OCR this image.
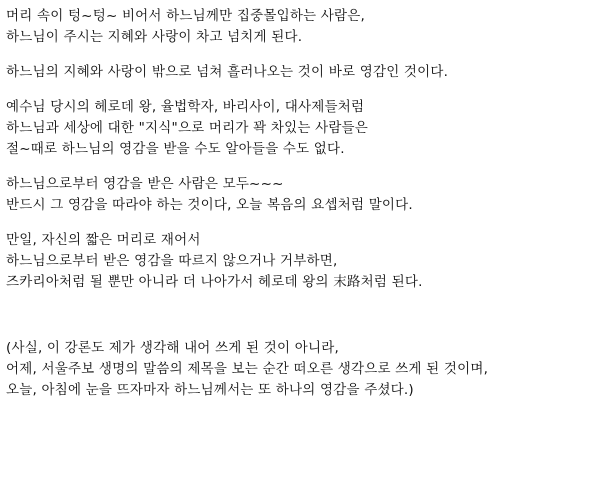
머리 속이 텅~텅~ 비어서 하느님께만 집중몰입하는 사람은,
하느님이 주시는 지혜와 사랑이 차고 넘치게 된다.
하느님의 지혜와 사랑이 밖으로 넘쳐 흘러나오는 것이 바로 영감인 것이다.
예수님 당시의 헤로데 왕, 율법학자, 바리사이, 대사제들처럼
하느님과 세상에 대한 "지식"으로 머리가 꽉 차있는 사람들은
절~때로 하느님의 영감을 받을 수도 알아들을 수도 없다.
하느님으로부터 영감을 받은 사람은 모두~~~
반드시 그 영감을 따라야 하는 것이다, 오늘 복음의 요셉처럼 말이다.
만일, 자신의 짧은 머리로 재어서
하느님으로부터 받은 영감을 따르지 않으거나 거부하면,
즈카리아처럼 될 뿐만 아니라 더 나아가서 헤로데 왕의 末路처럼 된다.
(사실, 이 강론도 제가 생각해 내어 쓰게 된 것이 아니라,
어제, 서울주보 생명의 말씀의 제목을 보는 순간 떠오른 생각으로 쓰게 된 것이며,
오늘, 아침에 눈을 뜨자마자 하느님께서는 또 하나의 영감을 주셨다.)
